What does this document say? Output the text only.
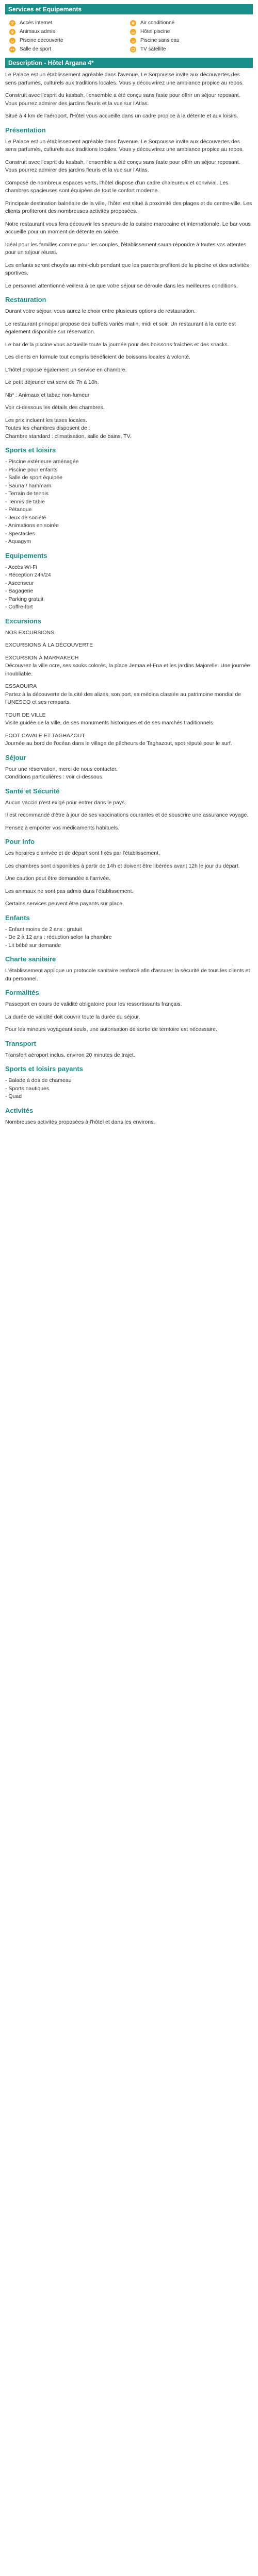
Services et Equipements
Accès internet	Air conditionné
Animaux admis	Hôtel piscine
Piscine découverte	Piscine sans eau
Salle de sport	TV satellite
Description - Hôtel Argana 4*

Le Palace est un établissement agréable dans l'avenue. Le Sorpousse invite aux découvertes des sens parfumés, culturels aux traditions locales. Vous y découvrirez une ambiance propice au repos.

Construit avec l'esprit du kasbah, l'ensemble a été conçu sans faste pour offrir un séjour reposant. Vous pourrez admirer des jardins fleuris et la vue sur l'Atlas.

Situé à 4 km de l'aéroport, l'Hôtel vous accueille dans un cadre propice à la détente et aux loisirs.

Présentation

Le Palace est un établissement agréable dans l'avenue. Le Sorpousse invite aux découvertes des sens parfumés, culturels aux traditions locales. Vous y découvrirez une ambiance propice au repos.

Construit avec l'esprit du kasbah, l'ensemble a été conçu sans faste pour offrir un séjour reposant. Vous pourrez admirer des jardins fleuris et la vue sur l'Atlas.

Composé de nombreux espaces verts, l'hôtel dispose d'un cadre chaleureux et convivial. Les chambres spacieuses sont équipées de tout le confort moderne.

Principale destination balnéaire de la ville, l'hôtel est situé à proximité des plages et du centre-ville. Les clients profiteront des nombreuses activités proposées.

Notre restaurant vous fera découvrir les saveurs de la cuisine marocaine et internationale. Le bar vous accueille pour un moment de détente en soirée.

Idéal pour les familles comme pour les couples, l'établissement saura répondre à toutes vos attentes pour un séjour réussi.

Les enfants seront choyés au mini-club pendant que les parents profitent de la piscine et des activités sportives.

Le personnel attentionné veillera à ce que votre séjour se déroule dans les meilleures conditions.

Restauration

Durant votre séjour, vous aurez le choix entre plusieurs options de restauration.

Le restaurant principal propose des buffets variés matin, midi et soir. Un restaurant à la carte est également disponible sur réservation.

Le bar de la piscine vous accueille toute la journée pour des boissons fraîches et des snacks.

Les clients en formule tout compris bénéficient de boissons locales à volonté.

L'hôtel propose également un service en chambre.

Le petit déjeuner est servi de 7h à 10h.

Nb* : Animaux et tabac non-fumeur

Voir ci-dessous les détails des chambres.

Les prix incluent les taxes locales.
Toutes les chambres disposent de :
Chambre standard : climatisation, salle de bains, TV.
Sports et loisirs
- Piscine extérieure aménagée
- Piscine pour enfants
- Salle de sport équipée
- Sauna / hammam
- Terrain de tennis
- Tennis de table
- Pétanque
- Jeux de société
- Animations en soirée
- Spectacles
- Aquagym
Equipements
- Accès Wi-Fi
- Réception 24h/24
- Ascenseur
- Bagagerie
- Parking gratuit
- Coffre-fort
Excursions

NOS EXCURSIONS

EXCURSIONS À LA DÉCOUVERTE

EXCURSION À MARRAKECH
Découvrez la ville ocre, ses souks colorés, la place Jemaa el-Fna et les jardins Majorelle. Une journée inoubliable.
ESSAOUIRA
Partez à la découverte de la cité des alizés, son port, sa médina classée au patrimoine mondial de l'UNESCO et ses remparts.
TOUR DE VILLE
Visite guidée de la ville, de ses monuments historiques et de ses marchés traditionnels.
FOOT CAVALE ET TAGHAZOUT
Journée au bord de l'océan dans le village de pêcheurs de Taghazout, spot réputé pour le surf.
Séjour
Pour une réservation, merci de nous contacter.
Conditions particulières : voir ci-dessous.
Santé et Sécurité

Aucun vaccin n'est exigé pour entrer dans le pays.

Il est recommandé d'être à jour de ses vaccinations courantes et de souscrire une assurance voyage.

Pensez à emporter vos médicaments habituels.

Pour info

Les horaires d'arrivée et de départ sont fixés par l'établissement.

Les chambres sont disponibles à partir de 14h et doivent être libérées avant 12h le jour du départ.

Une caution peut être demandée à l'arrivée.

Les animaux ne sont pas admis dans l'établissement.

Certains services peuvent être payants sur place.

Enfants
- Enfant moins de 2 ans : gratuit
- De 2 à 12 ans : réduction selon la chambre
- Lit bébé sur demande
Charte sanitaire

L'établissement applique un protocole sanitaire renforcé afin d'assurer la sécurité de tous les clients et du personnel.

Formalités

Passeport en cours de validité obligatoire pour les ressortissants français.

La durée de validité doit couvrir toute la durée du séjour.

Pour les mineurs voyageant seuls, une autorisation de sortie de territoire est nécessaire.

Transport

Transfert aéroport inclus, environ 20 minutes de trajet.

Sports et loisirs payants
- Balade à dos de chameau
- Sports nautiques
- Quad
Activités

Nombreuses activités proposées à l'hôtel et dans les environs.
